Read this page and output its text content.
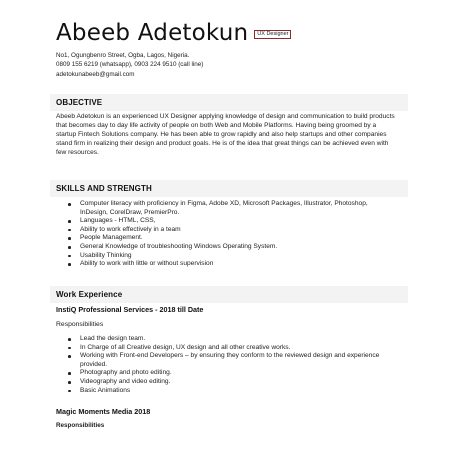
Abeeb Adetokun	UX Designer
No1, Ogungbenro Street, Ogba, Lagos, Nigeria.
0809 155 6219 (whatsapp), 0903 224 9510 (call line)
adetokunabeeb@gmail.com
OBJECTIVE
Abeeb Adetokun is an experienced UX Designer applying knowledge of design and communication to build products that becomes day to day life activity of people on both Web and Mobile Platforms. Having being groomed by a startup Fintech Solutions company. He has been able to grow rapidly and also help startups and other companies stand firm in realizing their design and product goals. He is of the idea that great things can be achieved even with few resources.
SKILLS AND STRENGTH
Computer literacy with proficiency in Figma, Adobe XD, Microsoft Packages, Illustrator, Photoshop, InDesign, CorelDraw, PremierPro.
Languages - HTML, CSS,
Ability to work effectively in a team
People Management.
General Knowledge of troubleshooting Windows Operating System.
Usability Thinking
Ability to work with little or without supervision
Work Experience
InstiQ Professional Services - 2018 till Date
Responsibilities
Lead the design team.
In Charge of all Creative design, UX design and all other creative works.
Working with Front-end Developers – by ensuring they conform to the reviewed design and experience provided.
Photography and photo editing.
Videography and video editing.
Basic Animations
Magic Moments Media 2018
Responsibilities
